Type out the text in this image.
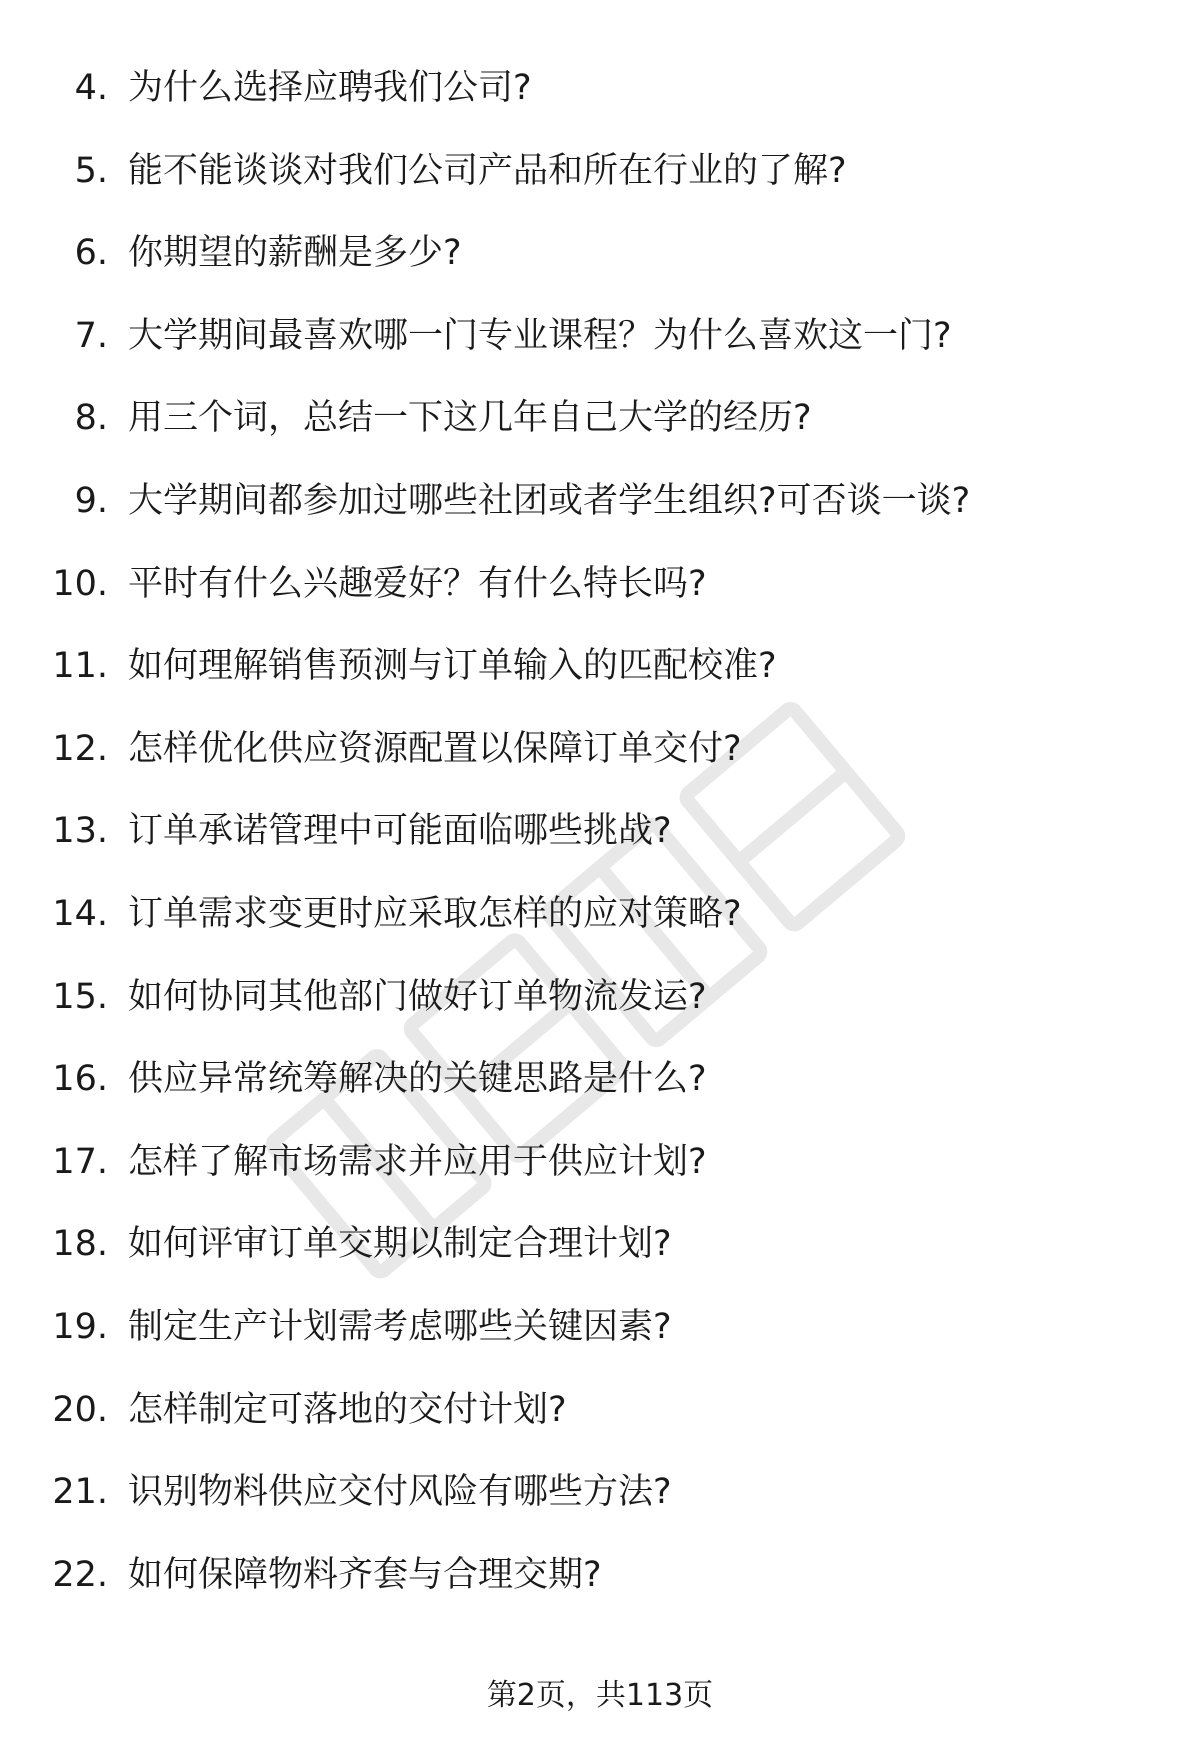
4. 为什么选择应聘我们公司?
5. 能不能谈谈对我们公司产品和所在行业的了解?
6. 你期望的薪酬是多少?
7. 大学期间最喜欢哪一门专业课程？为什么喜欢这一门?
8. 用三个词，总结一下这几年自己大学的经历?
9. 大学期间都参加过哪些社团或者学生组织?可否谈一谈?
10. 平时有什么兴趣爱好？有什么特长吗?
11. 如何理解销售预测与订单输入的匹配校准?
12. 怎样优化供应资源配置以保障订单交付?
13. 订单承诺管理中可能面临哪些挑战?
14. 订单需求变更时应采取怎样的应对策略?
15. 如何协同其他部门做好订单物流发运?
16. 供应异常统筹解决的关键思路是什么?
17. 怎样了解市场需求并应用于供应计划?
18. 如何评审订单交期以制定合理计划?
19. 制定生产计划需考虑哪些关键因素?
20. 怎样制定可落地的交付计划?
21. 识别物料供应交付风险有哪些方法?
22. 如何保障物料齐套与合理交期?
第2页，共113页
